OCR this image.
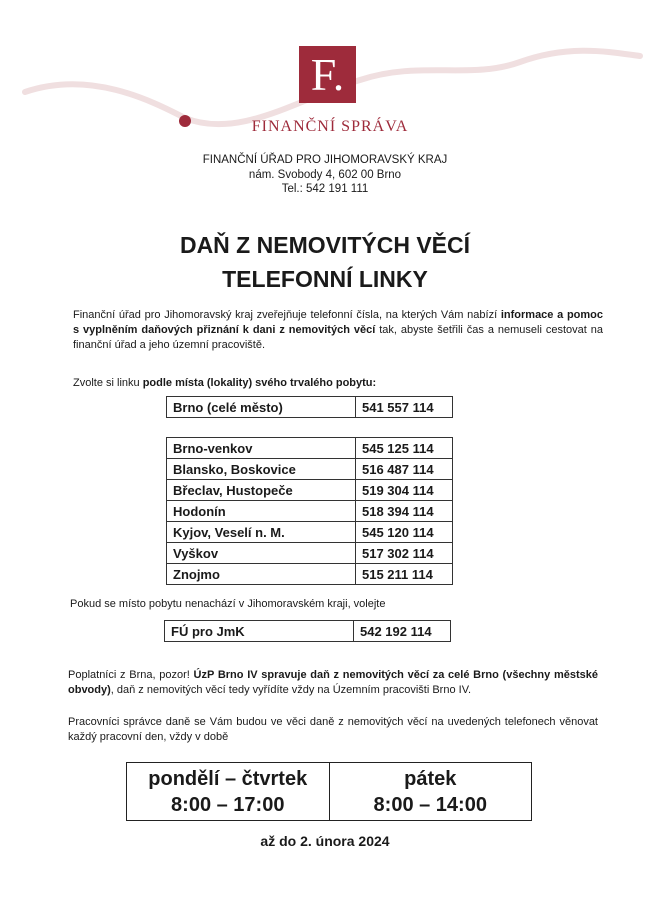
F.
FINANČNÍ SPRÁVA
FINANČNÍ ÚŘAD PRO JIHOMORAVSKÝ KRAJ
nám. Svobody 4, 602 00 Brno
Tel.: 542 191 111
DAŇ Z NEMOVITÝCH VĚCÍ
TELEFONNÍ LINKY
Finanční úřad pro Jihomoravský kraj zveřejňuje telefonní čísla, na kterých Vám nabízí informace a pomoc s vyplněním daňových přiznání k dani z nemovitých věcí tak, abyste šetřili čas a nemuseli cestovat na finanční úřad a jeho územní pracoviště.
Zvolte si linku podle místa (lokality) svého trvalého pobytu:
Brno (celé město)	541 557 114
Brno-venkov	545 125 114
Blansko, Boskovice	516 487 114
Břeclav, Hustopeče	519 304 114
Hodonín	518 394 114
Kyjov, Veselí n. M.	545 120 114
Vyškov	517 302 114
Znojmo	515 211 114
Pokud se místo pobytu nenachází v Jihomoravském kraji, volejte
FÚ pro JmK	542 192 114
Poplatníci z Brna, pozor! ÚzP Brno IV spravuje daň z nemovitých věcí za celé Brno (všechny městské obvody), daň z nemovitých věcí tedy vyřídíte vždy na Územním pracovišti Brno IV.
Pracovníci správce daně se Vám budou ve věci daně z nemovitých věcí na uvedených telefonech věnovat každý pracovní den, vždy v době
pondělí – čtvrtek
8:00 – 17:00
pátek
8:00 – 14:00
až do 2. února 2024
